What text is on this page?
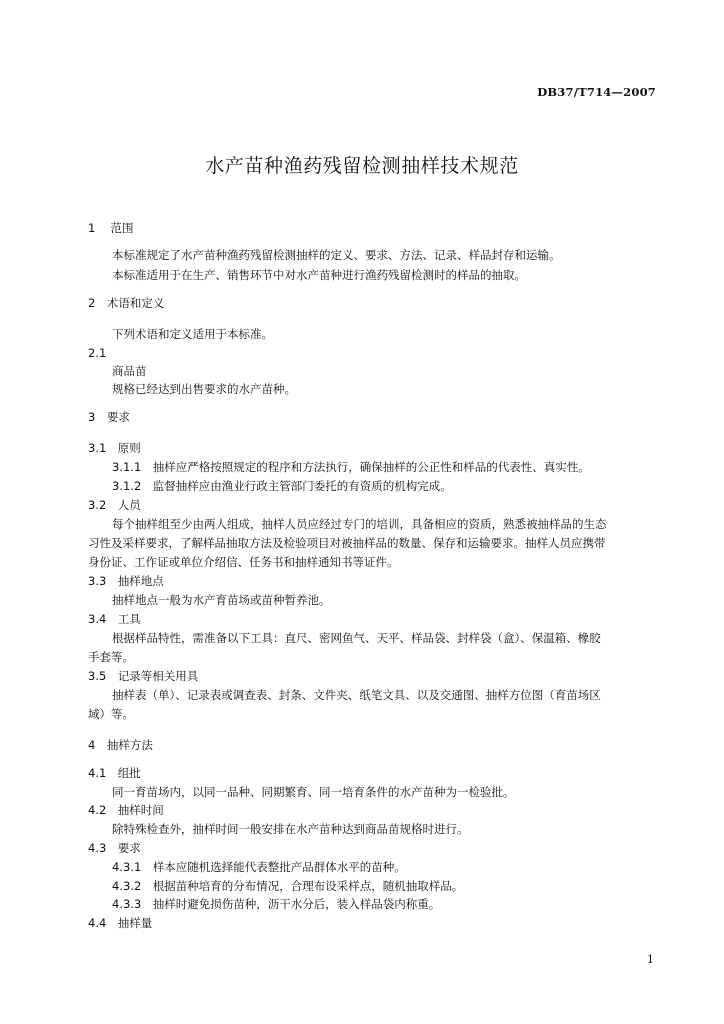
DB37/T714—2007
水产苗种渔药残留检测抽样技术规范
1　 范围
本标准规定了水产苗种渔药残留检测抽样的定义、要求、方法、记录、样品封存和运输。
本标准适用于在生产、销售环节中对水产苗种进行渔药残留检测时的样品的抽取。
2　术语和定义
下列术语和定义适用于本标准。
2.1
商品苗
规格已经达到出售要求的水产苗种。
3　要求
3.1　原则
3.1.1　抽样应严格按照规定的程序和方法执行，确保抽样的公正性和样品的代表性、真实性。
3.1.2　监督抽样应由渔业行政主管部门委托的有资质的机构完成。
3.2　人员
每个抽样组至少由两人组成，抽样人员应经过专门的培训，具备相应的资质，熟悉被抽样品的生态
习性及采样要求，了解样品抽取方法及检验项目对被抽样品的数量、保存和运输要求。抽样人员应携带
身份证、工作证或单位介绍信、任务书和抽样通知书等证件。
3.3　抽样地点
抽样地点一般为水产育苗场或苗种暂养池。
3.4　工具
根据样品特性，需准备以下工具：直尺、密网鱼气、天平、样品袋、封样袋（盒）、保温箱、橡胶
手套等。
3.5　记录等相关用具
抽样表（单）、记录表或调查表、封条、文件夹、纸笔文具、以及交通图、抽样方位图（育苗场区
域）等。
4　抽样方法
4.1　组批
同一育苗场内，以同一品种、同期繁育、同一培育条件的水产苗种为一检验批。
4.2　抽样时间
除特殊检查外，抽样时间一般安排在水产苗种达到商品苗规格时进行。
4.3　要求
4.3.1　样本应随机选择能代表整批产品群体水平的苗种。
4.3.2　根据苗种培育的分布情况，合理布设采样点，随机抽取样品。
4.3.3　抽样时避免损伤苗种，沥干水分后，装入样品袋内称重。
4.4　抽样量
1
